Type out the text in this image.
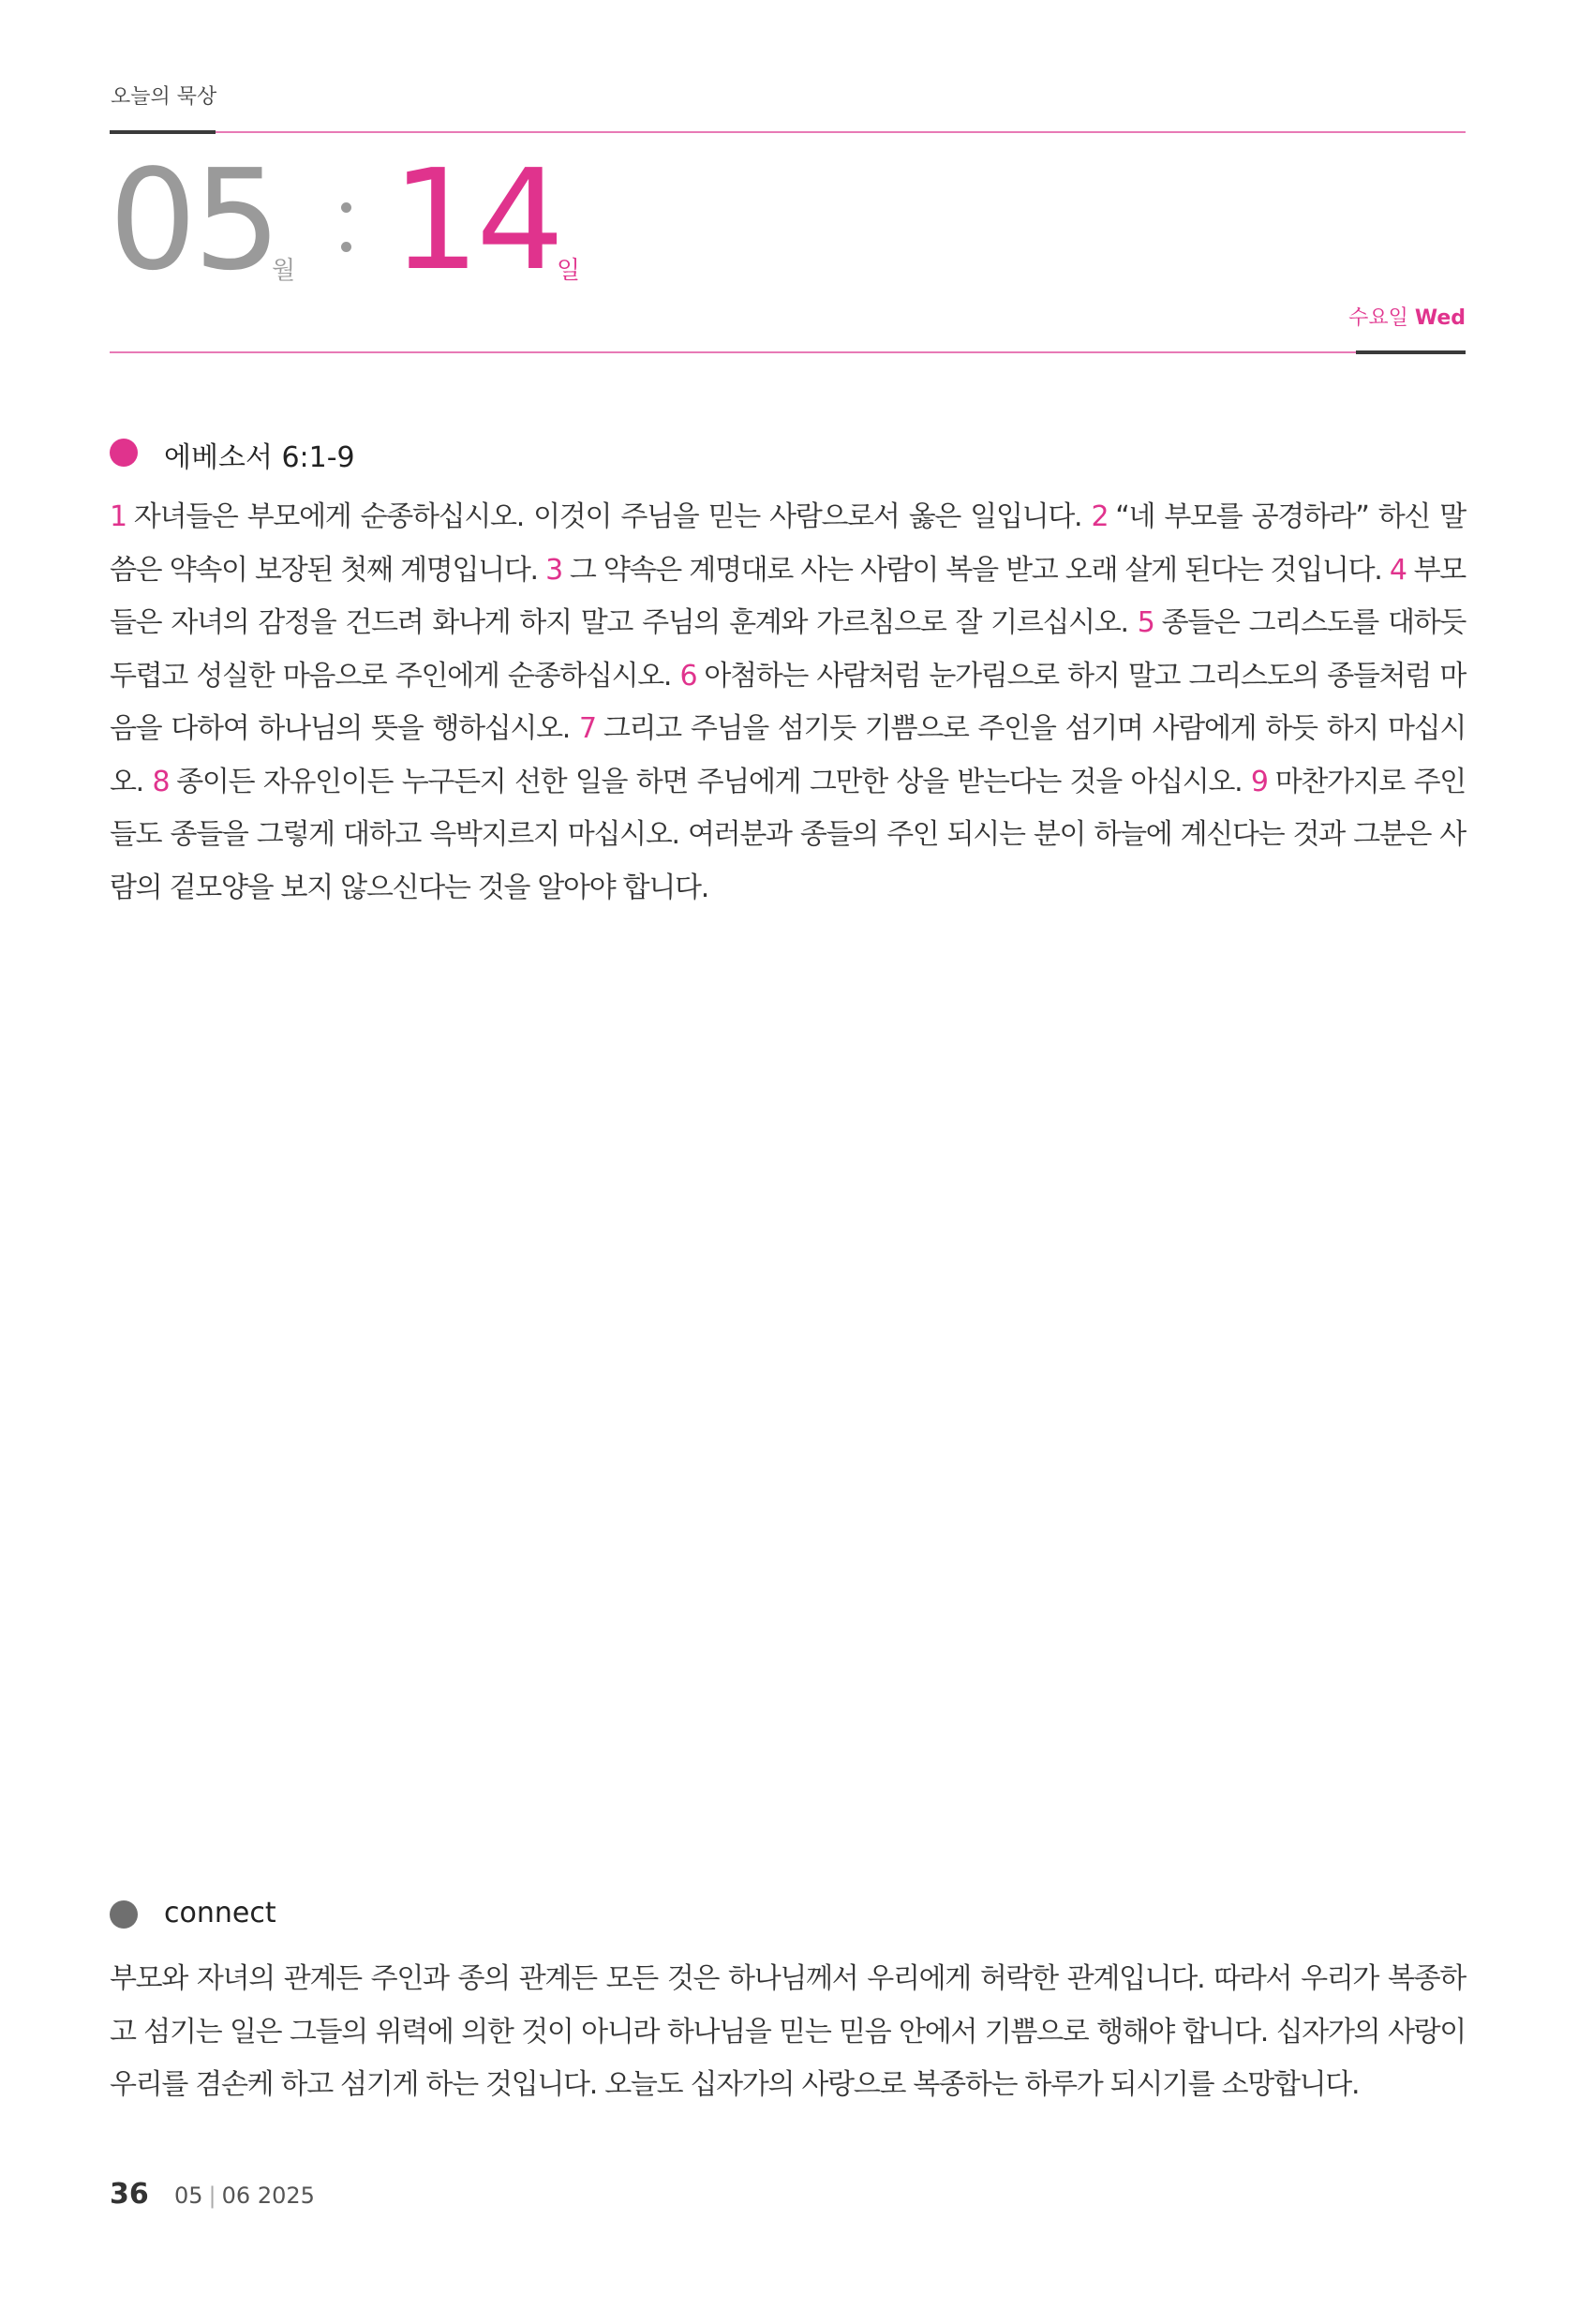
오늘의 묵상
05
월 14
일
수요일 Wed
에베소서 6:1-9
1 자녀들은 부모에게 순종하십시오. 이것이 주님을 믿는 사람으로서 옳은 일입니다. 2 “네 부모를 공경하라” 하신 말씀은 약속이 보장된 첫째 계명입니다. 3 그 약속은 계명대로 사는 사람이 복을 받고 오래 살게 된다는 것입니다. 4 부모들은 자녀의 감정을 건드려 화나게 하지 말고 주님의 훈계와 가르침으로 잘 기르십시오. 5 종들은 그리스도를 대하듯 두렵고 성실한 마음으로 주인에게 순종하십시오. 6 아첨하는 사람처럼 눈가림으로 하지 말고 그리스도의 종들처럼 마음을 다하여 하나님의 뜻을 행하십시오. 7 그리고 주님을 섬기듯 기쁨으로 주인을 섬기며 사람에게 하듯 하지 마십시오. 8 종이든 자유인이든 누구든지 선한 일을 하면 주님에게 그만한 상을 받는다는 것을 아십시오. 9 마찬가지로 주인들도 종들을 그렇게 대하고 윽박지르지 마십시오. 여러분과 종들의 주인 되시는 분이 하늘에 계신다는 것과 그분은 사람의 겉모양을 보지 않으신다는 것을 알아야 합니다.
connect
부모와 자녀의 관계든 주인과 종의 관계든 모든 것은 하나님께서 우리에게 허락한 관계입니다. 따라서 우리가 복종하고 섬기는 일은 그들의 위력에 의한 것이 아니라 하나님을 믿는 믿음 안에서 기쁨으로 행해야 합니다. 십자가의 사랑이 우리를 겸손케 하고 섬기게 하는 것입니다. 오늘도 십자가의 사랑으로 복종하는 하루가 되시기를 소망합니다.
36 05 | 06 2025
